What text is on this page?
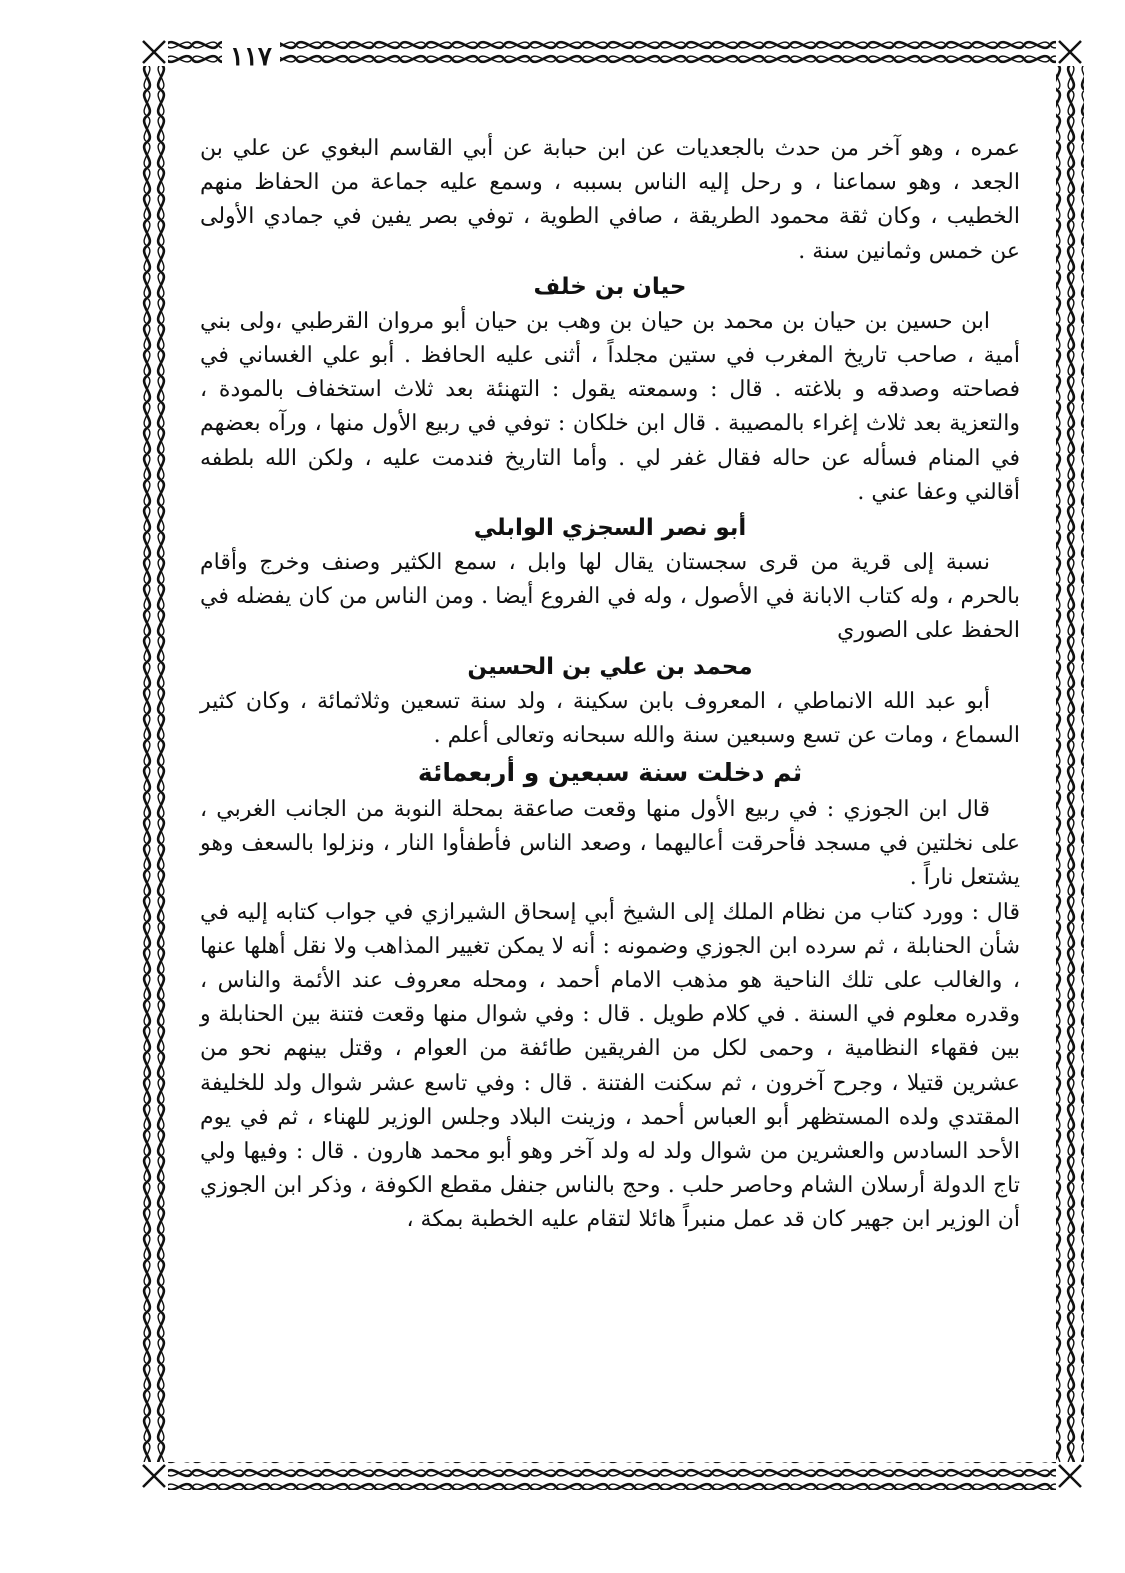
١١٧

عمره ، وهو آخر من حدث بالجعديات عن ابن حبابة عن أبي القاسم البغوي عن علي بن الجعد ، وهو سماعنا ، و رحل إليه الناس بسببه ، وسمع عليه جماعة من الحفاظ منهم الخطيب ، وكان ثقة محمود الطريقة ، صافي الطوية ، توفي بصر يفين في جمادي الأولى عن خمس وثمانين سنة .

حيان بن خلف

ابن حسين بن حيان بن محمد بن حيان بن وهب بن حيان أبو مروان القرطبي ،ولى بني أمية ، صاحب تاريخ المغرب في ستين مجلداً ، أثنى عليه الحافظ . أبو علي الغساني في فصاحته وصدقه و بلاغته . قال : وسمعته يقول : التهنئة بعد ثلاث استخفاف بالمودة ، والتعزية بعد ثلاث إغراء بالمصيبة . قال ابن خلكان : توفي في ربيع الأول منها ، ورآه بعضهم في المنام فسأله عن حاله فقال غفر لي . وأما التاريخ فندمت عليه ، ولكن الله بلطفه أقالني وعفا عني .

أبو نصر السجزي الوابلي

نسبة إلى قرية من قرى سجستان يقال لها وابل ، سمع الكثير وصنف وخرج وأقام بالحرم ، وله كتاب الابانة في الأصول ، وله في الفروع أيضا . ومن الناس من كان يفضله في الحفظ على الصوري

محمد بن علي بن الحسين

أبو عبد الله الانماطي ، المعروف بابن سكينة ، ولد سنة تسعين وثلاثمائة ، وكان كثير السماع ، ومات عن تسع وسبعين سنة والله سبحانه وتعالى أعلم .

ثم دخلت سنة سبعين و أربعمائة

قال ابن الجوزي : في ربيع الأول منها وقعت صاعقة بمحلة النوبة من الجانب الغربي ، على نخلتين في مسجد فأحرقت أعاليهما ، وصعد الناس فأطفأوا النار ، ونزلوا بالسعف وهو يشتعل ناراً .

قال : وورد كتاب من نظام الملك إلى الشيخ أبي إسحاق الشيرازي في جواب كتابه إليه في شأن الحنابلة ، ثم سرده ابن الجوزي وضمونه : أنه لا يمكن تغيير المذاهب ولا نقل أهلها عنها ، والغالب على تلك الناحية هو مذهب الامام أحمد ، ومحله معروف عند الأئمة والناس ، وقدره معلوم في السنة . في كلام طويل . قال : وفي شوال منها وقعت فتنة بين الحنابلة و بين فقهاء النظامية ، وحمى لكل من الفريقين طائفة من العوام ، وقتل بينهم نحو من عشرين قتيلا ، وجرح آخرون ، ثم سكنت الفتنة . قال : وفي تاسع عشر شوال ولد للخليفة المقتدي ولده المستظهر أبو العباس أحمد ، وزينت البلاد وجلس الوزير للهناء ، ثم في يوم الأحد السادس والعشرين من شوال ولد له ولد آخر وهو أبو محمد هارون . قال : وفيها ولي تاج الدولة أرسلان الشام وحاصر حلب . وحج بالناس جنفل مقطع الكوفة ، وذكر ابن الجوزي أن الوزير ابن جهير كان قد عمل منبراً هائلا لتقام عليه الخطبة بمكة ،
